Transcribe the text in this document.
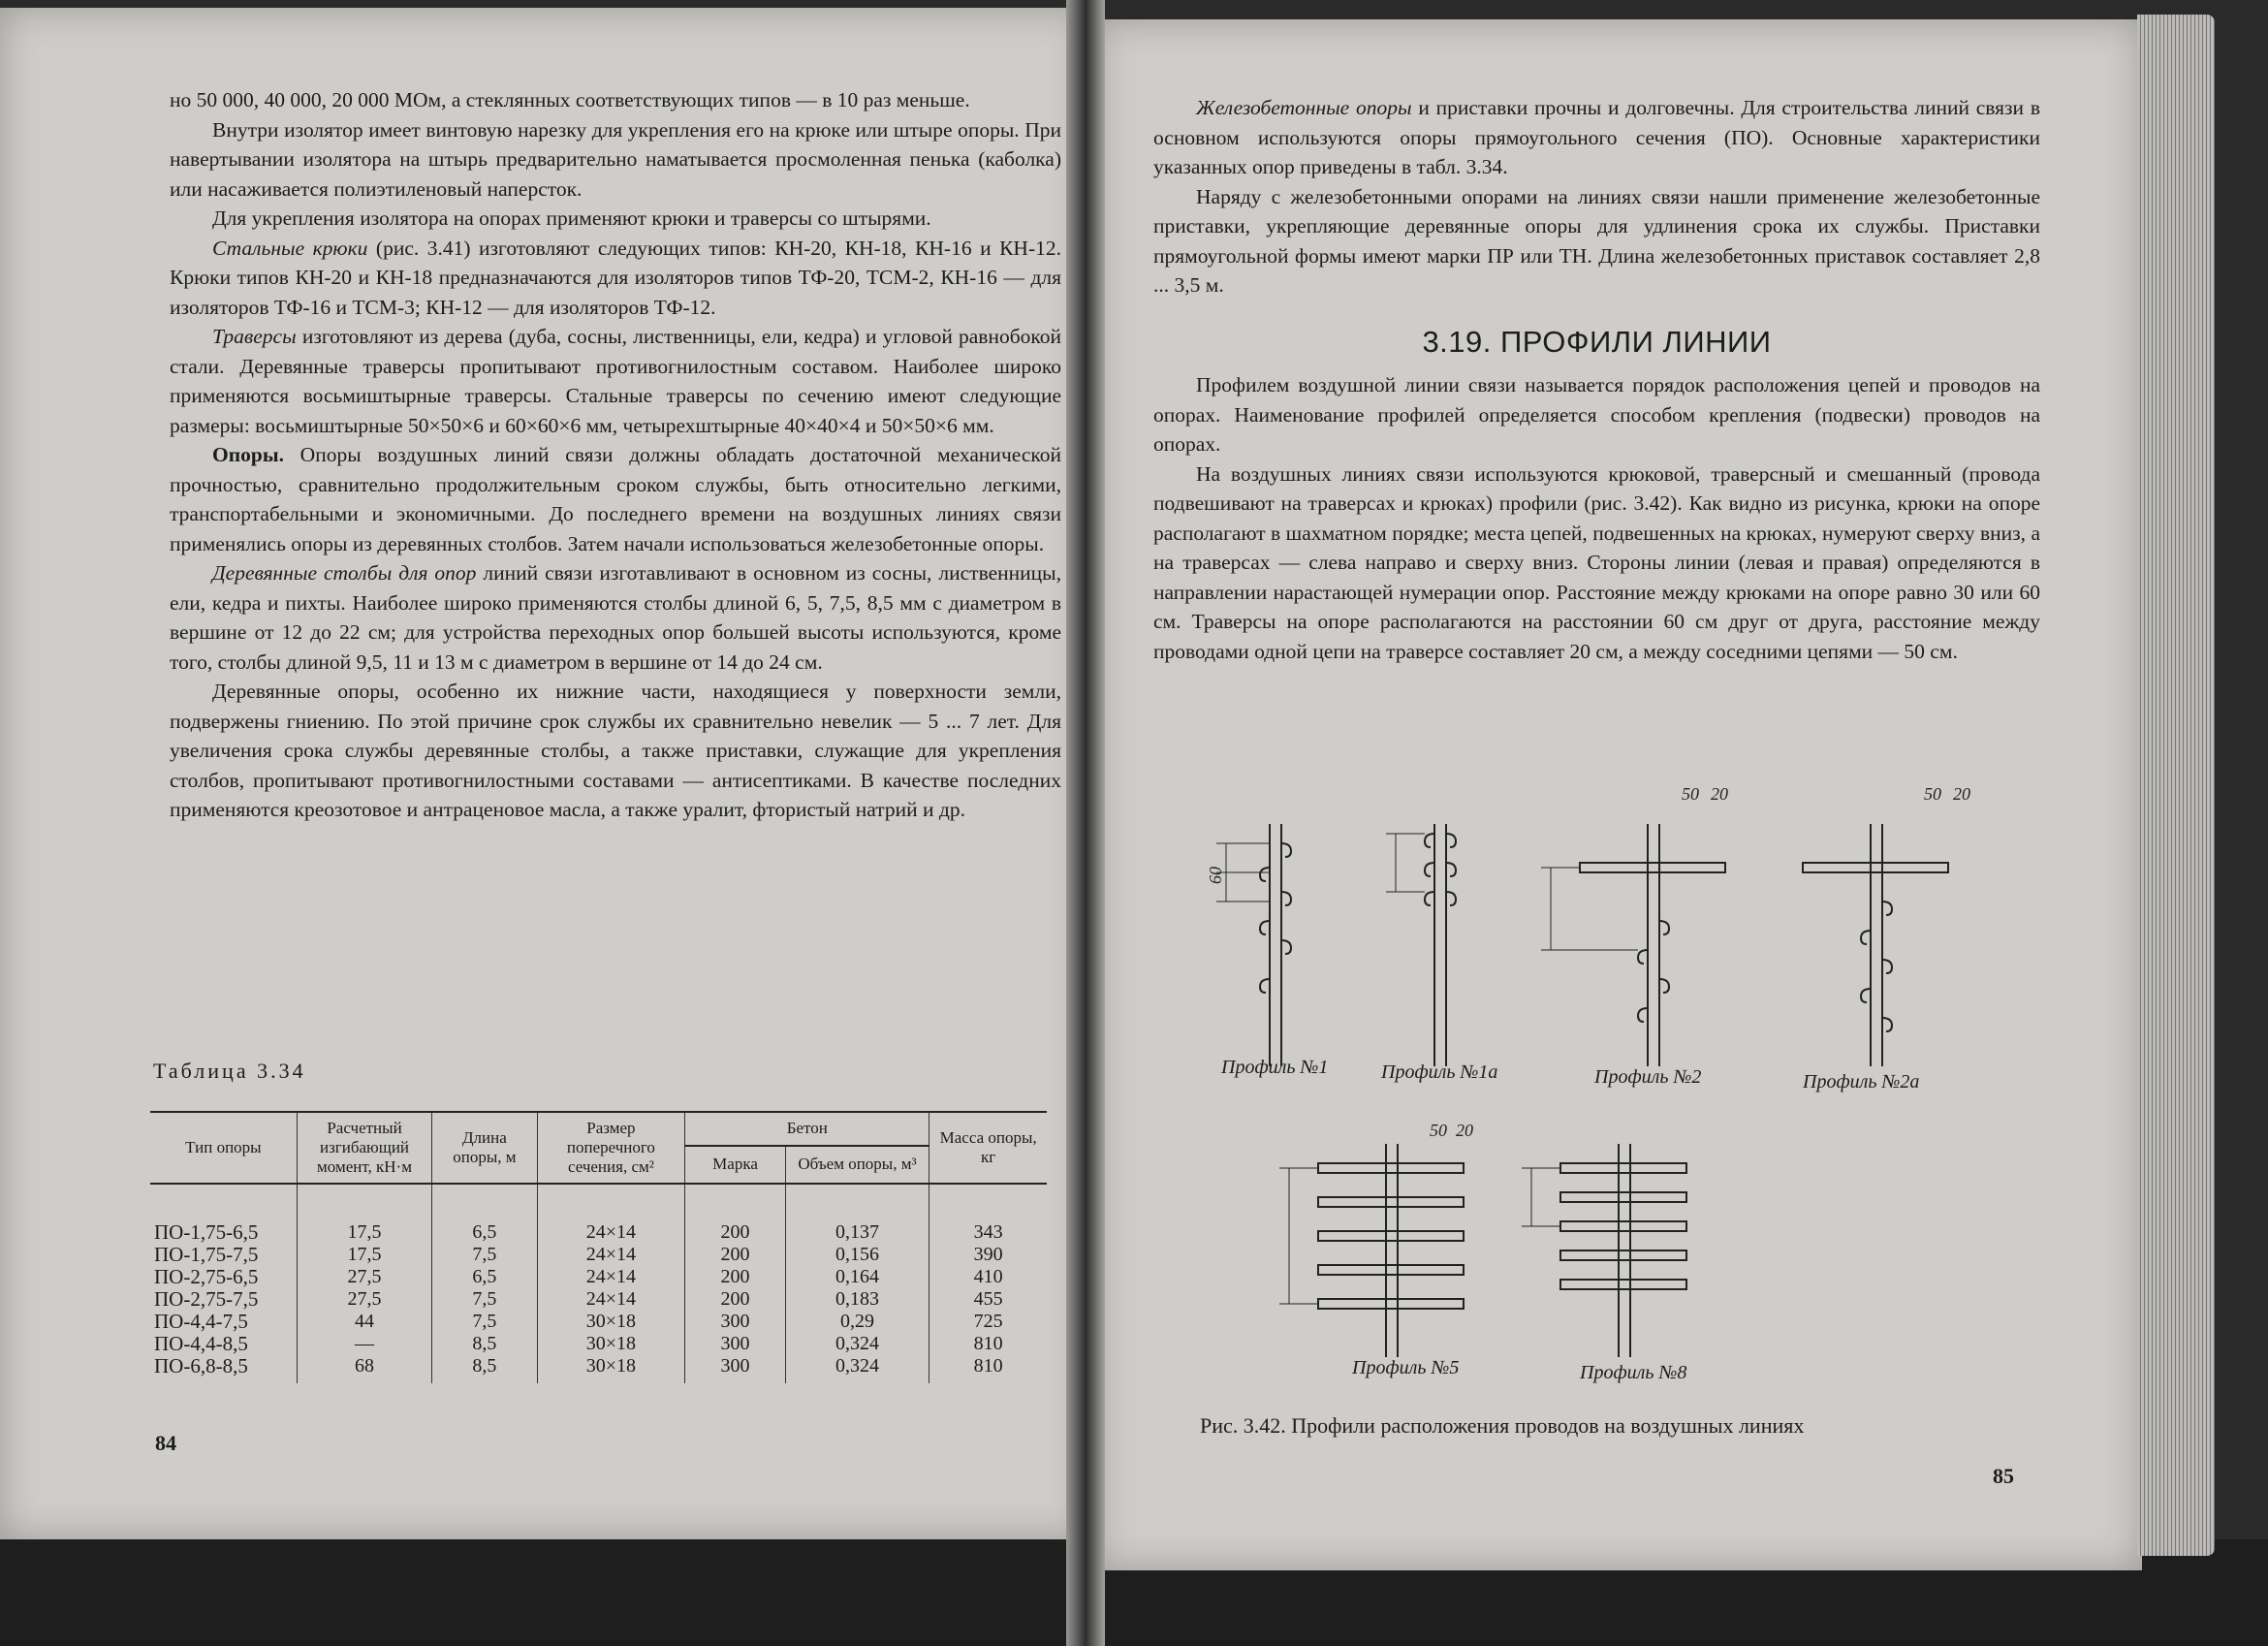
но 50 000, 40 000, 20 000 МОм, а стеклянных соответствующих типов — в 10 раз меньше.

Внутри изолятор имеет винтовую нарезку для укрепления его на крюке или штыре опоры. При навертывании изолятора на штырь предварительно наматывается просмоленная пенька (каболка) или насаживается полиэтиленовый наперсток.

Для укрепления изолятора на опорах применяют крюки и траверсы со штырями.

Стальные крюки (рис. 3.41) изготовляют следующих типов: КН-20, КН-18, КН-16 и КН-12. Крюки типов КН-20 и КН-18 предназначаются для изоляторов типов ТФ-20, ТСМ-2, КН-16 — для изоляторов ТФ-16 и ТСМ-3; КН-12 — для изоляторов ТФ-12.

Траверсы изготовляют из дерева (дуба, сосны, лиственницы, ели, кедра) и угловой равнобокой стали. Деревянные траверсы пропитывают противогнилостным составом. Наиболее широко применяются восьмиштырные траверсы. Стальные траверсы по сечению имеют следующие размеры: восьмиштырные 50×50×6 и 60×60×6 мм, четырехштырные 40×40×4 и 50×50×6 мм.

Опоры. Опоры воздушных линий связи должны обладать достаточной механической прочностью, сравнительно продолжительным сроком службы, быть относительно легкими, транспортабельными и экономичными. До последнего времени на воздушных линиях связи применялись опоры из деревянных столбов. Затем начали использоваться железобетонные опоры.

Деревянные столбы для опор линий связи изготавливают в основном из сосны, лиственницы, ели, кедра и пихты. Наиболее широко применяются столбы длиной 6, 5, 7,5, 8,5 мм с диаметром в вершине от 12 до 22 см; для устройства переходных опор большей высоты используются, кроме того, столбы длиной 9,5, 11 и 13 м с диаметром в вершине от 14 до 24 см.

Деревянные опоры, особенно их нижние части, находящиеся у поверхности земли, подвержены гниению. По этой причине срок службы их сравнительно невелик — 5 ... 7 лет. Для увеличения срока службы деревянные столбы, а также приставки, служащие для укрепления столбов, пропитывают противогнилостными составами — антисептиками. В качестве последних применяются креозотовое и антраценовое масла, а также уралит, фтористый натрий и др.

Таблица 3.34
Тип опоры	Расчетный изгибающий момент, кН·м	Длина опоры, м	Размер поперечного сечения, см²	Бетон		Масса опоры, кг
				Марка	Объем опоры, м³	
ПО-1,75-6,5	17,5	6,5	24×14	200	0,137	343
ПО-1,75-7,5	17,5	7,5	24×14	200	0,156	390
ПО-2,75-6,5	27,5	6,5	24×14	200	0,164	410
ПО-2,75-7,5	27,5	7,5	24×14	200	0,183	455
ПО-4,4-7,5	44	7,5	30×18	300	0,29	725
ПО-4,4-8,5	—	8,5	30×18	300	0,324	810
ПО-6,8-8,5	68	8,5	30×18	300	0,324	810
84

Железобетонные опоры и приставки прочны и долговечны. Для строительства линий связи в основном используются опоры прямоугольного сечения (ПО). Основные характеристики указанных опор приведены в табл. 3.34.

Наряду с железобетонными опорами на линиях связи нашли применение железобетонные приставки, укрепляющие деревянные опоры для удлинения срока их службы. Приставки прямоугольной формы имеют марки ПР или ТН. Длина железобетонных приставок составляет 2,8 ... 3,5 м.

3.19. ПРОФИЛИ ЛИНИИ

Профилем воздушной линии связи называется порядок расположения цепей и проводов на опорах. Наименование профилей определяется способом крепления (подвески) проводов на опорах.

На воздушных линиях связи используются крюковой, траверсный и смешанный (провода подвешивают на траверсах и крюках) профили (рис. 3.42). Как видно из рисунка, крюки на опоре располагают в шахматном порядке; места цепей, подвешенных на крюках, нумеруют сверху вниз, а на траверсах — слева направо и сверху вниз. Стороны линии (левая и правая) определяются в направлении нарастающей нумерации опор. Расстояние между крюками на опоре равно 30 или 60 см. Траверсы на опоре располагаются на расстоянии 60 см друг от друга, расстояние между проводами одной цепи на траверсе составляет 20 см, а между соседними цепями — 50 см.

60
50 20	50 20
50 20
Профиль №1	Профиль №1а	Профиль №2	Профиль №2а
Профиль №5	Профиль №8
Рис. 3.42. Профили расположения проводов на воздушных линиях
85
